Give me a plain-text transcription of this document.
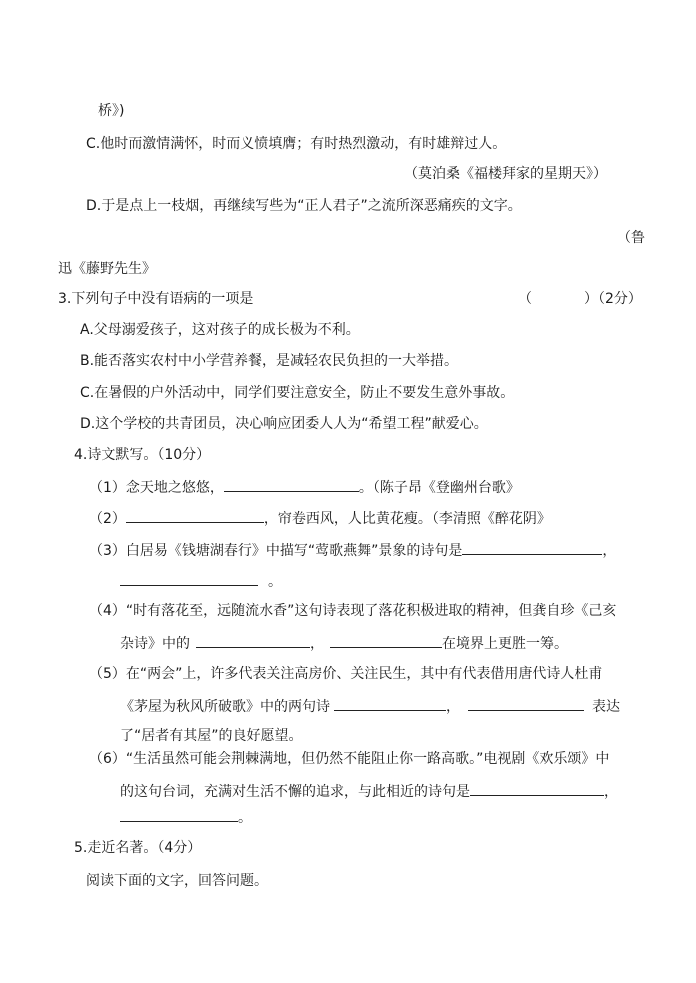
桥》)
C.他时而激情满怀，时而义愤填膺；有时热烈激动，有时雄辩过人。
（莫泊桑《福楼拜家的星期天》）
D.于是点上一枝烟，再继续写些为“正人君子”之流所深恶痛疾的文字。
（鲁
迅《藤野先生》
3.下列句子中没有语病的一项是	（	）（2分）
A.父母溺爱孩子，这对孩子的成长极为不利。
B.能否落实农村中小学营养餐，是减轻农民负担的一大举措。
C.在暑假的户外活动中，同学们要注意安全，防止不要发生意外事故。
D.这个学校的共青团员，决心响应团委人人为“希望工程”献爱心。
4.诗文默写。（10分）
（1）念天地之悠悠，	。（陈子昂《登幽州台歌》
（2）	，帘卷西风，人比黄花瘦。（李清照《醉花阴》
（3）白居易《钱塘湖春行》中描写“莺歌燕舞”景象的诗句是	，
。
（4）“时有落花至，远随流水香”这句诗表现了落花积极进取的精神，但龚自珍《己亥
杂诗》中的	，	在境界上更胜一筹。
（5）在“两会”上，许多代表关注高房价、关注民生，其中有代表借用唐代诗人杜甫
《茅屋为秋风所破歌》中的两句诗	，	表达
了“居者有其屋”的良好愿望。
（6）“生活虽然可能会荆棘满地，但仍然不能阻止你一路高歌。”电视剧《欢乐颂》中
的这句台词，充满对生活不懈的追求，与此相近的诗句是	，
。
5.走近名著。（4分）
阅读下面的文字，回答问题。
